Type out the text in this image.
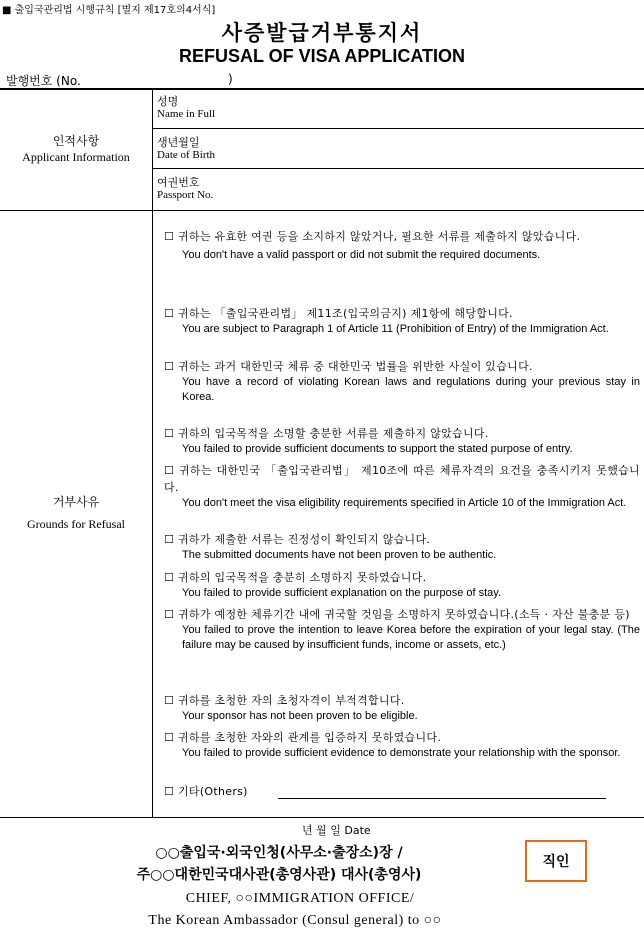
■ 출입국관리법 시행규칙 [별지 제17호의4서식]
사증발급거부통지서
REFUSAL OF VISA APPLICATION
발행번호 (No.	)
인적사항
Applicant Information
성명
Name in Full
생년월일
Date of Birth
여권번호
Passport No.
거부사유
Grounds for Refusal
☐ 귀하는 유효한 여권 등을 소지하지 않았거나, 필요한 서류를 제출하지 않았습니다.
You don't have a valid passport or did not submit the required documents.
☐ 귀하는 「출입국관리법」 제11조(입국의금지) 제1항에 해당합니다.
You are subject to Paragraph 1 of Article 11 (Prohibition of Entry) of the Immigration Act.
☐ 귀하는 과거 대한민국 체류 중 대한민국 법률을 위반한 사실이 있습니다.
You have a record of violating Korean laws and regulations during your previous stay in Korea.
☐ 귀하의 입국목적을 소명할 충분한 서류를 제출하지 않았습니다.
You failed to provide sufficient documents to support the stated purpose of entry.
☐ 귀하는 대한민국 「출입국관리법」 제10조에 따른 체류자격의 요건을 충족시키지 못했습니다.
You don't meet the visa eligibility requirements specified in Article 10 of the Immigration Act.
☐ 귀하가 제출한 서류는 진정성이 확인되지 않습니다.
The submitted documents have not been proven to be authentic.
☐ 귀하의 입국목적을 충분히 소명하지 못하였습니다.
You failed to provide sufficient explanation on the purpose of stay.
☐ 귀하가 예정한 체류기간 내에 귀국할 것임을 소명하지 못하였습니다.(소득 · 자산 불충분 등)
You failed to prove the intention to leave Korea before the expiration of your legal stay. (The failure may be caused by insufficient funds, income or assets, etc.)
☐ 귀하를 초청한 자의 초청자격이 부적격합니다.
Your sponsor has not been proven to be eligible.
☐ 귀하를 초청한 자와의 관계를 입증하지 못하였습니다.
You failed to provide sufficient evidence to demonstrate your relationship with the sponsor.
☐ 기타(Others)
년 월 일 Date
○○출입국·외국인청(사무소·출장소)장 /
주○○대한민국대사관(총영사관) 대사(총영사)
CHIEF, ○○IMMIGRATION OFFICE/
The Korean Ambassador (Consul general) to ○○
직인
